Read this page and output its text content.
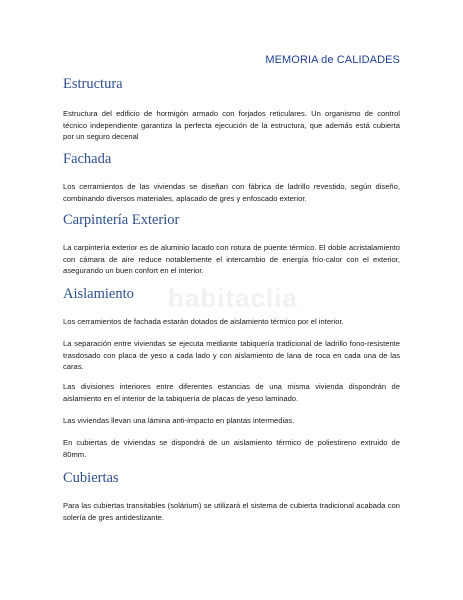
MEMORIA de CALIDADES
habitaclia
Estructura
Estructura del edificio de hormigón armado con forjados reticulares. Un organismo de control técnico independiente garantiza la perfecta ejecución de la estructura, que además está cubierta por un seguro decenal
Fachada
Los cerramientos de las viviendas se diseñan con fábrica de ladrillo revestido, según diseño, combinando diversos materiales, aplacado de gres y enfoscado exterior.
Carpintería Exterior
La carpintería exterior es de aluminio lacado con rotura de puente térmico. El doble acristalamiento con cámara de aire reduce notablemente el intercambio de energía frío-calor con el exterior, asegurando un buen confort en el interior.
Aislamiento
Los cerramientos de fachada estarán dotados de aislamiento térmico por el interior.
La separación entre viviendas se ejecuta mediante tabiquería tradicional de ladrillo fono-resistente trasdosado con placa de yeso a cada lado y con aislamiento de lana de roca en cada una de las caras.
Las divisiones interiores entre diferentes estancias de una misma vivienda dispondrán de aislamiento en el interior de la tabiquería de placas de yeso laminado.
Las viviendas llevan una lámina anti-impacto en plantas intermedias.
En cubiertas de viviendas se dispondrá de un aislamiento térmico de poliestireno extruido de 80mm.
Cubiertas
Para las cubiertas transitables (solárium) se utilizará el sistema de cubierta tradicional acabada con solería de gres antideslizante.
